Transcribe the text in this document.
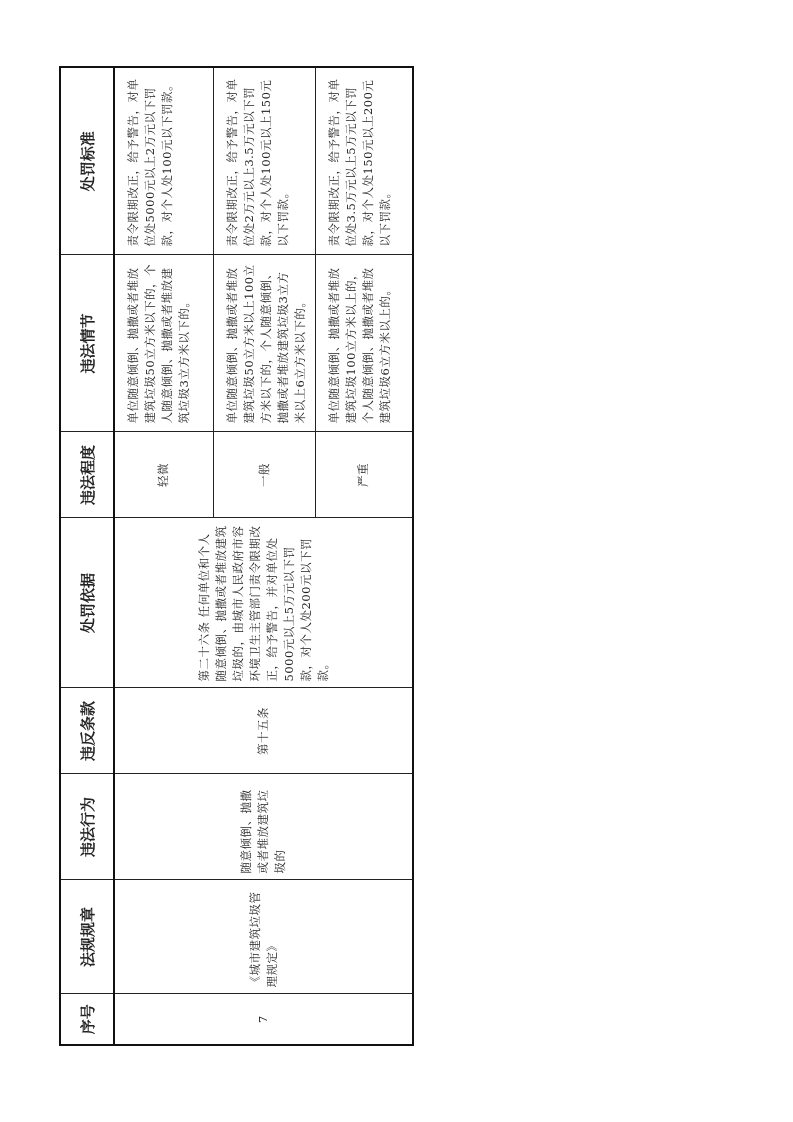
序号	法规规章	违法行为	违反条款	处罚依据	违法程度	违法情节	处罚标准
7	《城市建筑垃圾管理规定》	随意倾倒、抛撒或者堆放建筑垃圾的	第十五条	第二十六条 任何单位和个人随意倾倒、抛撒或者堆放建筑垃圾的，由城市人民政府市容环境卫生主管部门责令限期改正，给予警告，并对单位处5000元以上5万元以下罚款，对个人处200元以下罚款。	轻微	单位随意倾倒、抛撒或者堆放建筑垃圾50立方米以下的，个人随意倾倒、抛撒或者堆放建筑垃圾3立方米以下的。	责令限期改正，给予警告，对单位处5000元以上2万元以下罚款，对个人处100元以下罚款。

					一般	单位随意倾倒、抛撒或者堆放建筑垃圾50立方米以上100立方米以下的，个人随意倾倒、抛撒或者堆放建筑垃圾3立方米以上6立方米以下的。	责令限期改正，给予警告，对单位处2万元以上3.5万元以下罚款，对个人处100元以上150元以下罚款。

					严重	单位随意倾倒、抛撒或者堆放建筑垃圾100立方米以上的，个人随意倾倒、抛撒或者堆放建筑垃圾6立方米以上的。	责令限期改正，给予警告，对单位处3.5万元以上5万元以下罚款，对个人处150元以上200元以下罚款。
